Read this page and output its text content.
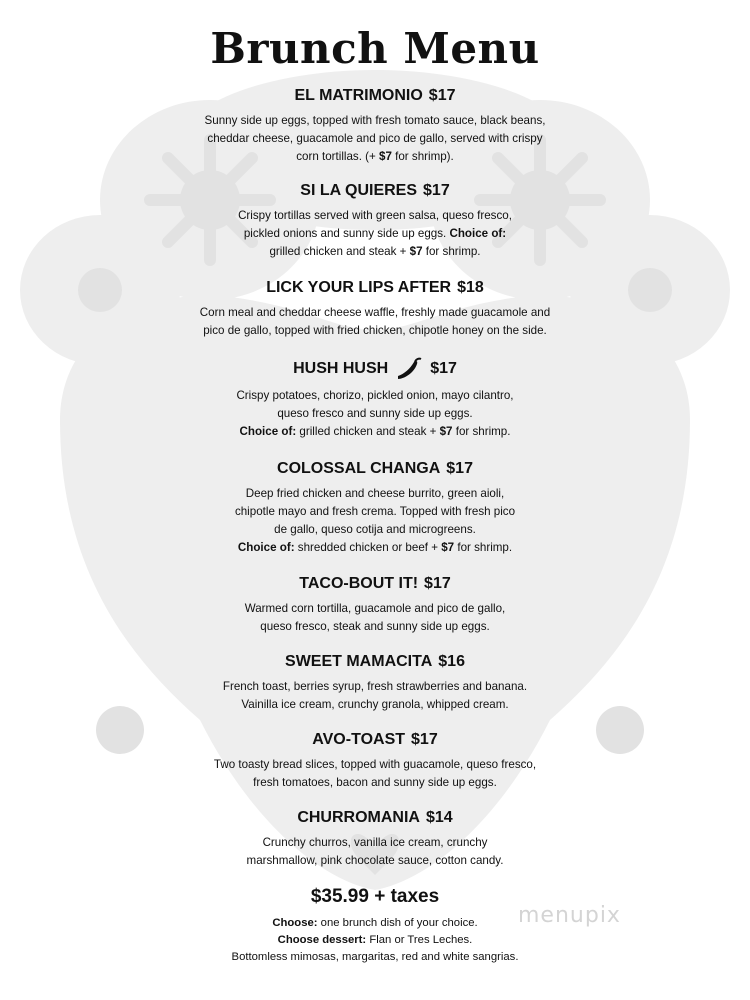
Brunch Menu
EL MATRIMONIO $17

Sunny side up eggs, topped with fresh tomato sauce, black beans,

cheddar cheese, guacamole and pico de gallo, served with crispy

corn tortillas. (+ $7 for shrimp).

SI LA QUIERES $17

Crispy tortillas served with green salsa, queso fresco,

pickled onions and sunny side up eggs. Choice of:

grilled chicken and steak + $7 for shrimp.

LICK YOUR LIPS AFTER $18

Corn meal and cheddar cheese waffle, freshly made guacamole and

pico de gallo, topped with fried chicken, chipotle honey on the side.

HUSH HUSH	$17

Crispy potatoes, chorizo, pickled onion, mayo cilantro,

queso fresco and sunny side up eggs.

Choice of: grilled chicken and steak + $7 for shrimp.

COLOSSAL CHANGA $17

Deep fried chicken and cheese burrito, green aioli,

chipotle mayo and fresh crema. Topped with fresh pico

de gallo, queso cotija and microgreens.

Choice of: shredded chicken or beef + $7 for shrimp.

TACO-BOUT IT! $17

Warmed corn tortilla, guacamole and pico de gallo,

queso fresco, steak and sunny side up eggs.

SWEET MAMACITA $16

French toast, berries syrup, fresh strawberries and banana.

Vainilla ice cream, crunchy granola, whipped cream.

AVO-TOAST $17

Two toasty bread slices, topped with guacamole, queso fresco,

fresh tomatoes, bacon and sunny side up eggs.

CHURROMANIA $14

Crunchy churros, vanilla ice cream, crunchy

marshmallow, pink chocolate sauce, cotton candy.

$35.99 + taxes

Choose: one brunch dish of your choice.

Choose dessert: Flan or Tres Leches.

Bottomless mimosas, margaritas, red and white sangrias.

menupix
